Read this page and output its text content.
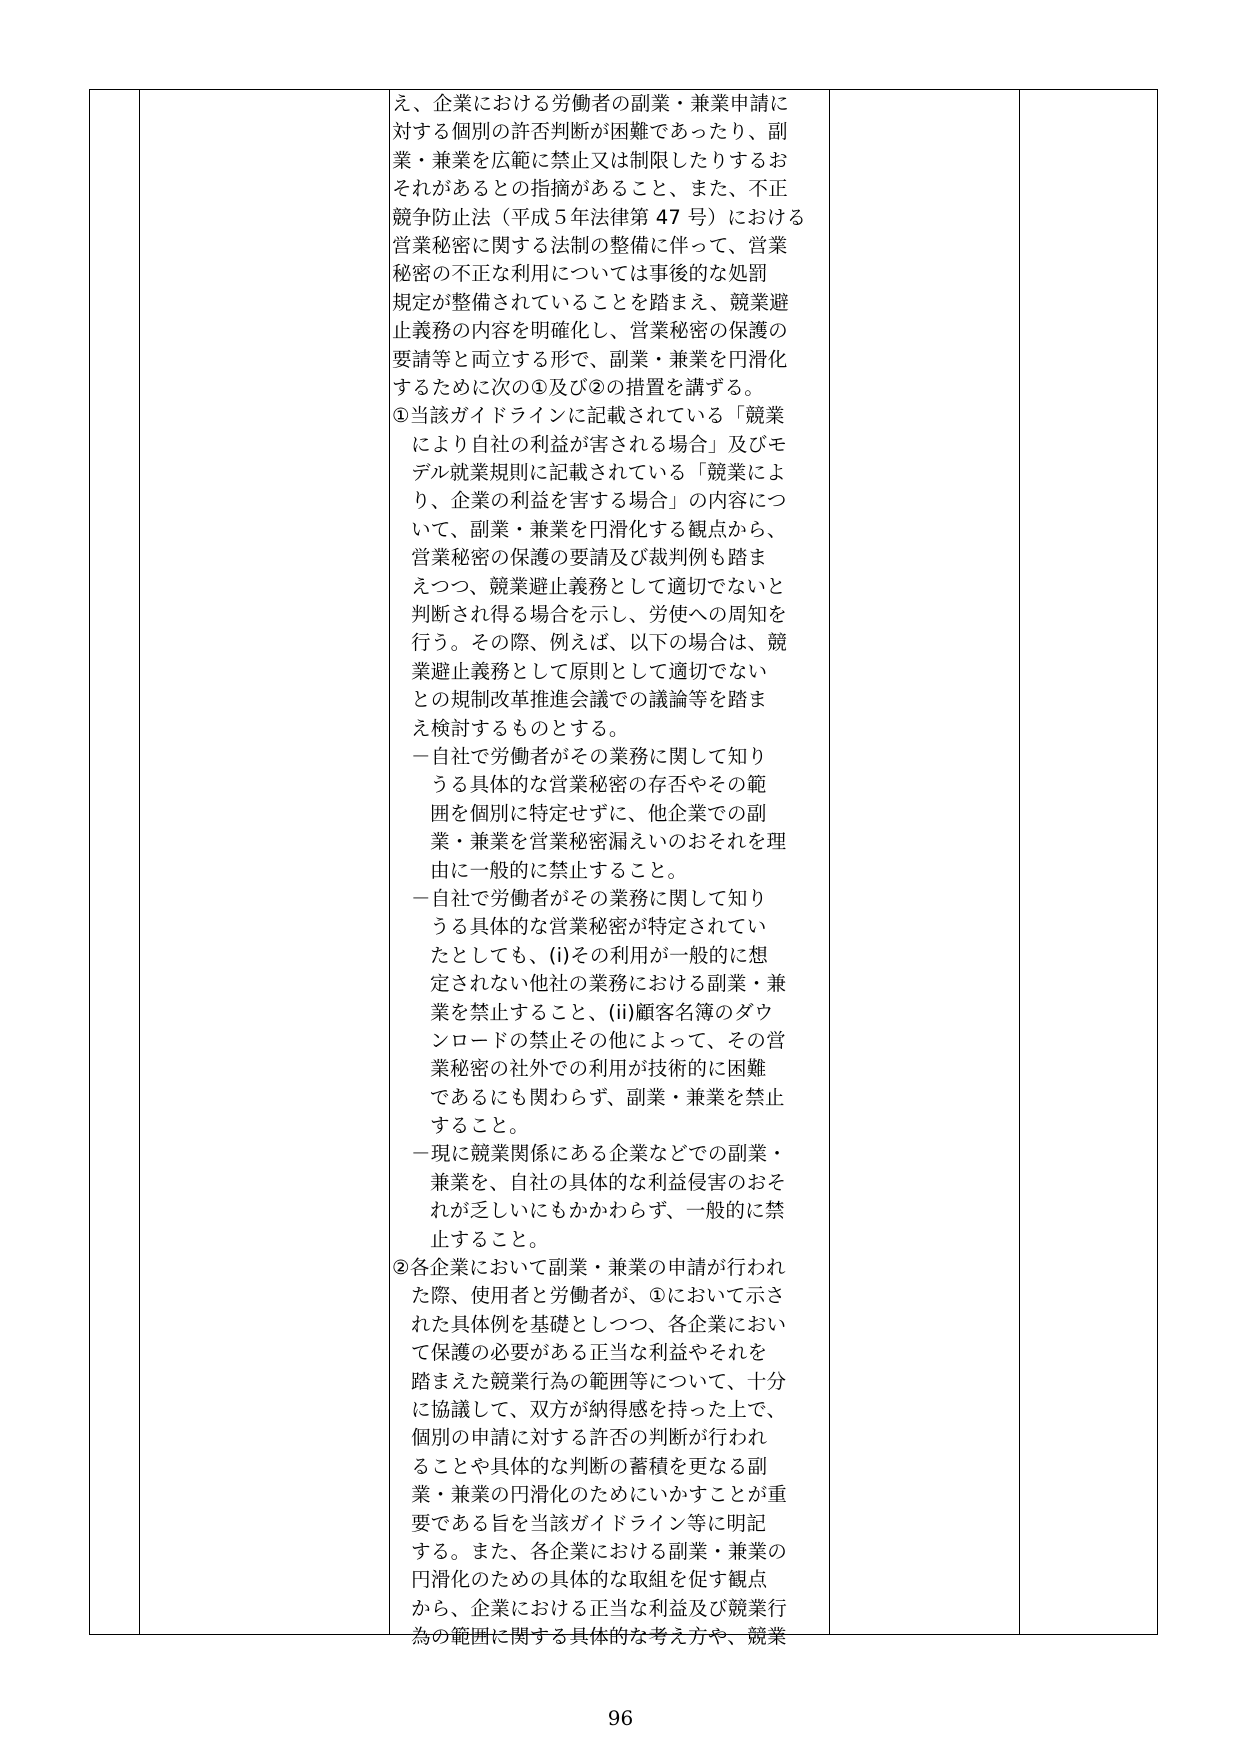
え、企業における労働者の副業・兼業申請に
対する個別の許否判断が困難であったり、副
業・兼業を広範に禁止又は制限したりするお
それがあるとの指摘があること、また、不正
競争防止法（平成５年法律第 47 号）における
営業秘密に関する法制の整備に伴って、営業
秘密の不正な利用については事後的な処罰
規定が整備されていることを踏まえ、競業避
止義務の内容を明確化し、営業秘密の保護の
要請等と両立する形で、副業・兼業を円滑化
するために次の①及び②の措置を講ずる。
①当該ガイドラインに記載されている「競業
により自社の利益が害される場合」及びモ
デル就業規則に記載されている「競業によ
り、企業の利益を害する場合」の内容につ
いて、副業・兼業を円滑化する観点から、
営業秘密の保護の要請及び裁判例も踏ま
えつつ、競業避止義務として適切でないと
判断され得る場合を示し、労使への周知を
行う。その際、例えば、以下の場合は、競
業避止義務として原則として適切でない
との規制改革推進会議での議論等を踏ま
え検討するものとする。
－自社で労働者がその業務に関して知り
うる具体的な営業秘密の存否やその範
囲を個別に特定せずに、他企業での副
業・兼業を営業秘密漏えいのおそれを理
由に一般的に禁止すること。
－自社で労働者がその業務に関して知り
うる具体的な営業秘密が特定されてい
たとしても、(i)その利用が一般的に想
定されない他社の業務における副業・兼
業を禁止すること、(ii)顧客名簿のダウ
ンロードの禁止その他によって、その営
業秘密の社外での利用が技術的に困難
であるにも関わらず、副業・兼業を禁止
すること。
－現に競業関係にある企業などでの副業・
兼業を、自社の具体的な利益侵害のおそ
れが乏しいにもかかわらず、一般的に禁
止すること。
②各企業において副業・兼業の申請が行われ
た際、使用者と労働者が、①において示さ
れた具体例を基礎としつつ、各企業におい
て保護の必要がある正当な利益やそれを
踏まえた競業行為の範囲等について、十分
に協議して、双方が納得感を持った上で、
個別の申請に対する許否の判断が行われ
ることや具体的な判断の蓄積を更なる副
業・兼業の円滑化のためにいかすことが重
要である旨を当該ガイドライン等に明記
する。また、各企業における副業・兼業の
円滑化のための具体的な取組を促す観点
から、企業における正当な利益及び競業行
為の範囲に関する具体的な考え方や、競業
96
